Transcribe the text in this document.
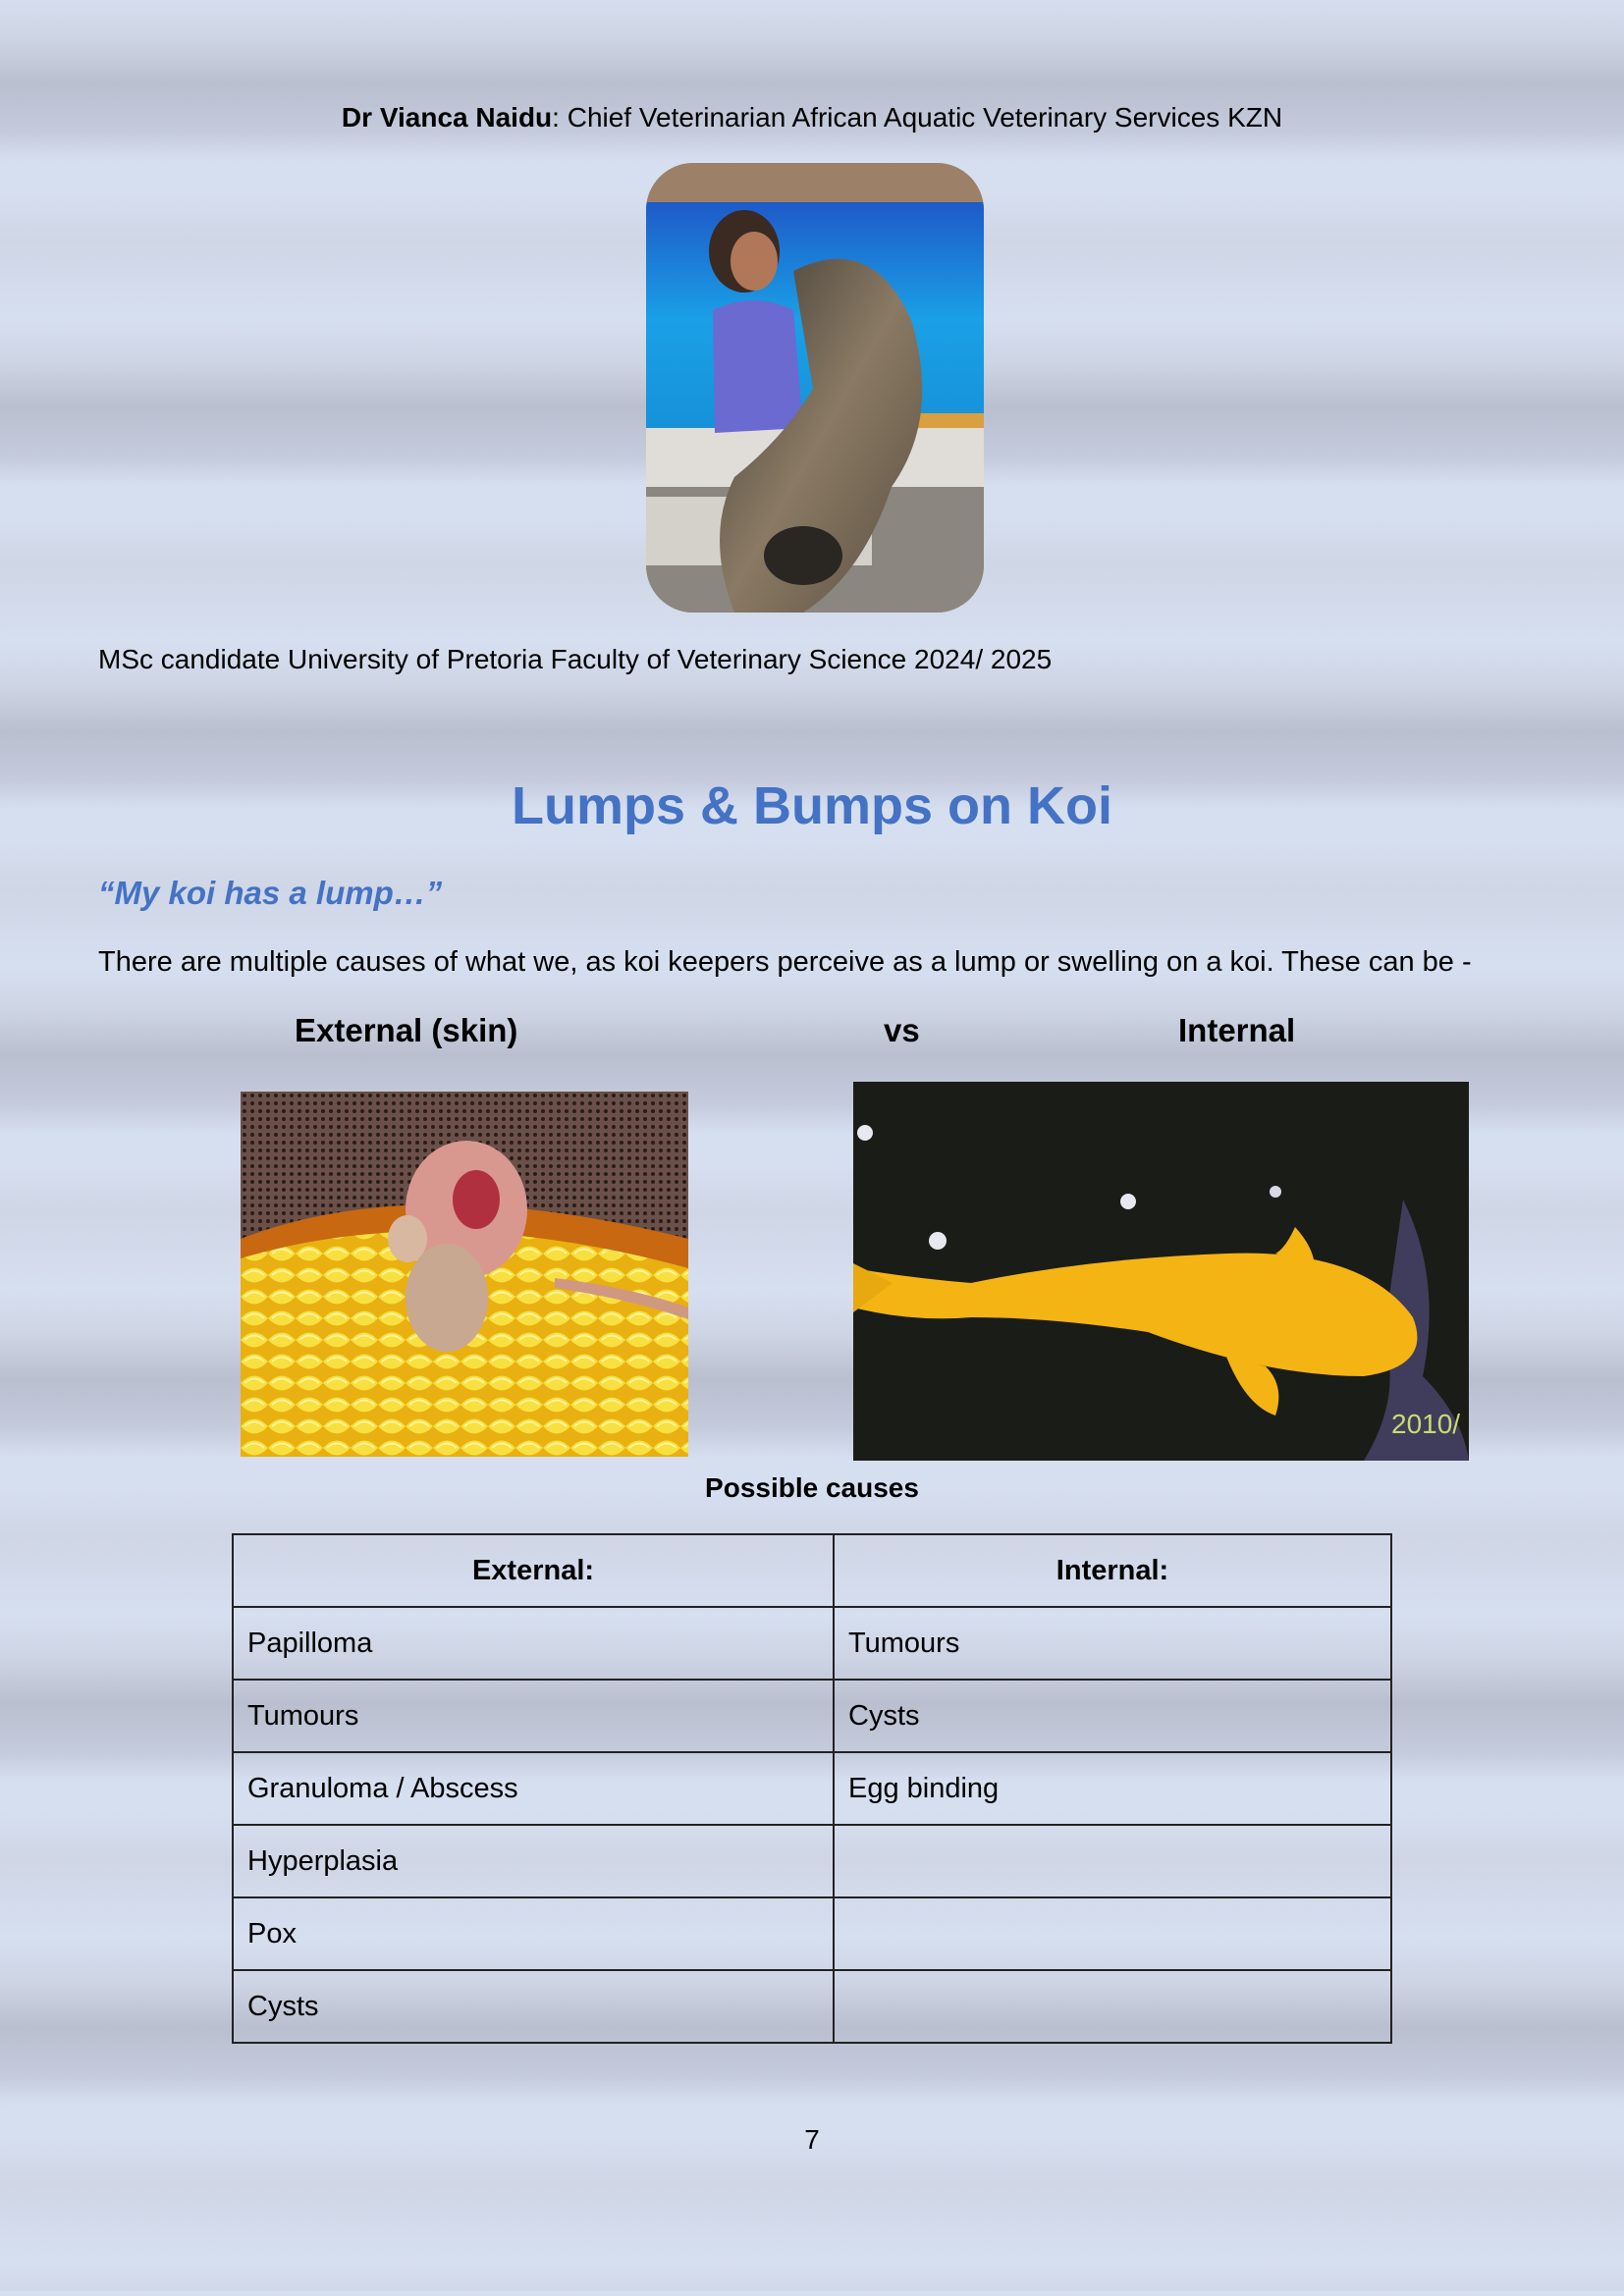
Dr Vianca Naidu: Chief Veterinarian African Aquatic Veterinary Services KZN
MSc candidate University of Pretoria Faculty of Veterinary Science 2024/ 2025
Lumps & Bumps on Koi
“My koi has a lump…”
There are multiple causes of what we, as koi keepers perceive as a lump or swelling on a koi. These can be -
External (skin)	vs	Internal
2010/
Possible causes
External:	Internal:
Papilloma	Tumours
Tumours	Cysts
Granuloma / Abscess	Egg binding
Hyperplasia	
Pox	
Cysts	
7
